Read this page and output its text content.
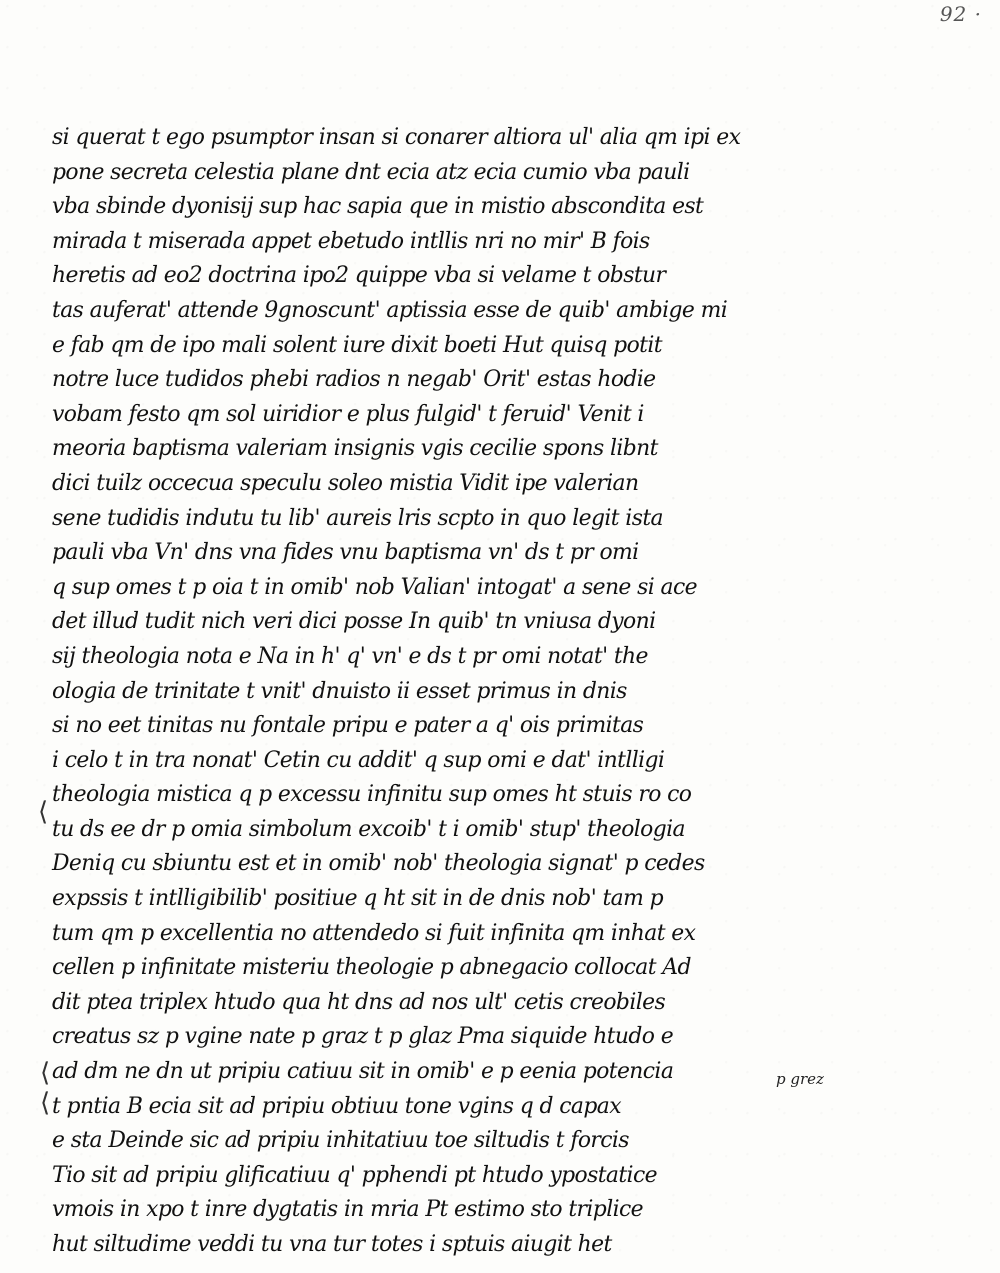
92 ·
si querat t ego psumptor insan si conarer altiora ul' alia qm ipi ex
pone secreta celestia plane dnt ecia atz ecia cumio vba pauli
vba sbinde dyonisij sup hac sapia que in mistio abscondita est
mirada t miserada appet ebetudo intllis nri no mir' B fois
heretis ad eo2 doctrina ipo2 quippe vba si velame t obstur
tas auferat' attende 9gnoscunt' aptissia esse de quib' ambige mi
e fab qm de ipo mali solent iure dixit boeti Hut quisq potit
notre luce tudidos phebi radios n negab' Orit' estas hodie
vobam festo qm sol uiridior e plus fulgid' t feruid' Venit i
meoria baptisma valeriam insignis vgis cecilie spons libnt
dici tuilz occecua speculu soleo mistia Vidit ipe valerian
sene tudidis indutu tu lib' aureis lris scpto in quo legit ista
pauli vba Vn' dns vna fides vnu baptisma vn' ds t pr omi
q sup omes t p oia t in omib' nob Valian' intogat' a sene si ace
det illud tudit nich veri dici posse In quib' tn vniusa dyoni
sij theologia nota e Na in h' q' vn' e ds t pr omi notat' the
ologia de trinitate t vnit' dnuisto ii esset primus in dnis
si no eet tinitas nu fontale pripu e pater a q' ois primitas
i celo t in tra nonat' Cetin cu addit' q sup omi e dat' intlligi
theologia mistica q p excessu infinitu sup omes ht stuis ro co
tu ds ee dr p omia simbolum excoib' t i omib' stup' theologia
Deniq cu sbiuntu est et in omib' nob' theologia signat' p cedes
expssis t intlligibilib' positiue q ht sit in de dnis nob' tam p
tum qm p excellentia no attendedo si fuit infinita qm inhat ex
cellen p infinitate misteriu theologie p abnegacio collocat Ad
dit ptea triplex htudo qua ht dns ad nos ult' cetis creobiles
creatus sz p vgine nate p graz t p glaz Pma siquide htudo e
ad dm ne dn ut pripiu catiuu sit in omib' e p eenia potencia
t pntia B ecia sit ad pripiu obtiuu tone vgins q d capax
e sta Deinde sic ad pripiu inhitatiuu toe siltudis t forcis
Tio sit ad pripiu glificatiuu q' pphendi pt htudo ypostatice
vmois in xpo t inre dygtatis in mria Pt estimo sto triplice
hut siltudime veddi tu vna tur totes i sptuis aiugit het
p grez
⟨
⟨
⟨
